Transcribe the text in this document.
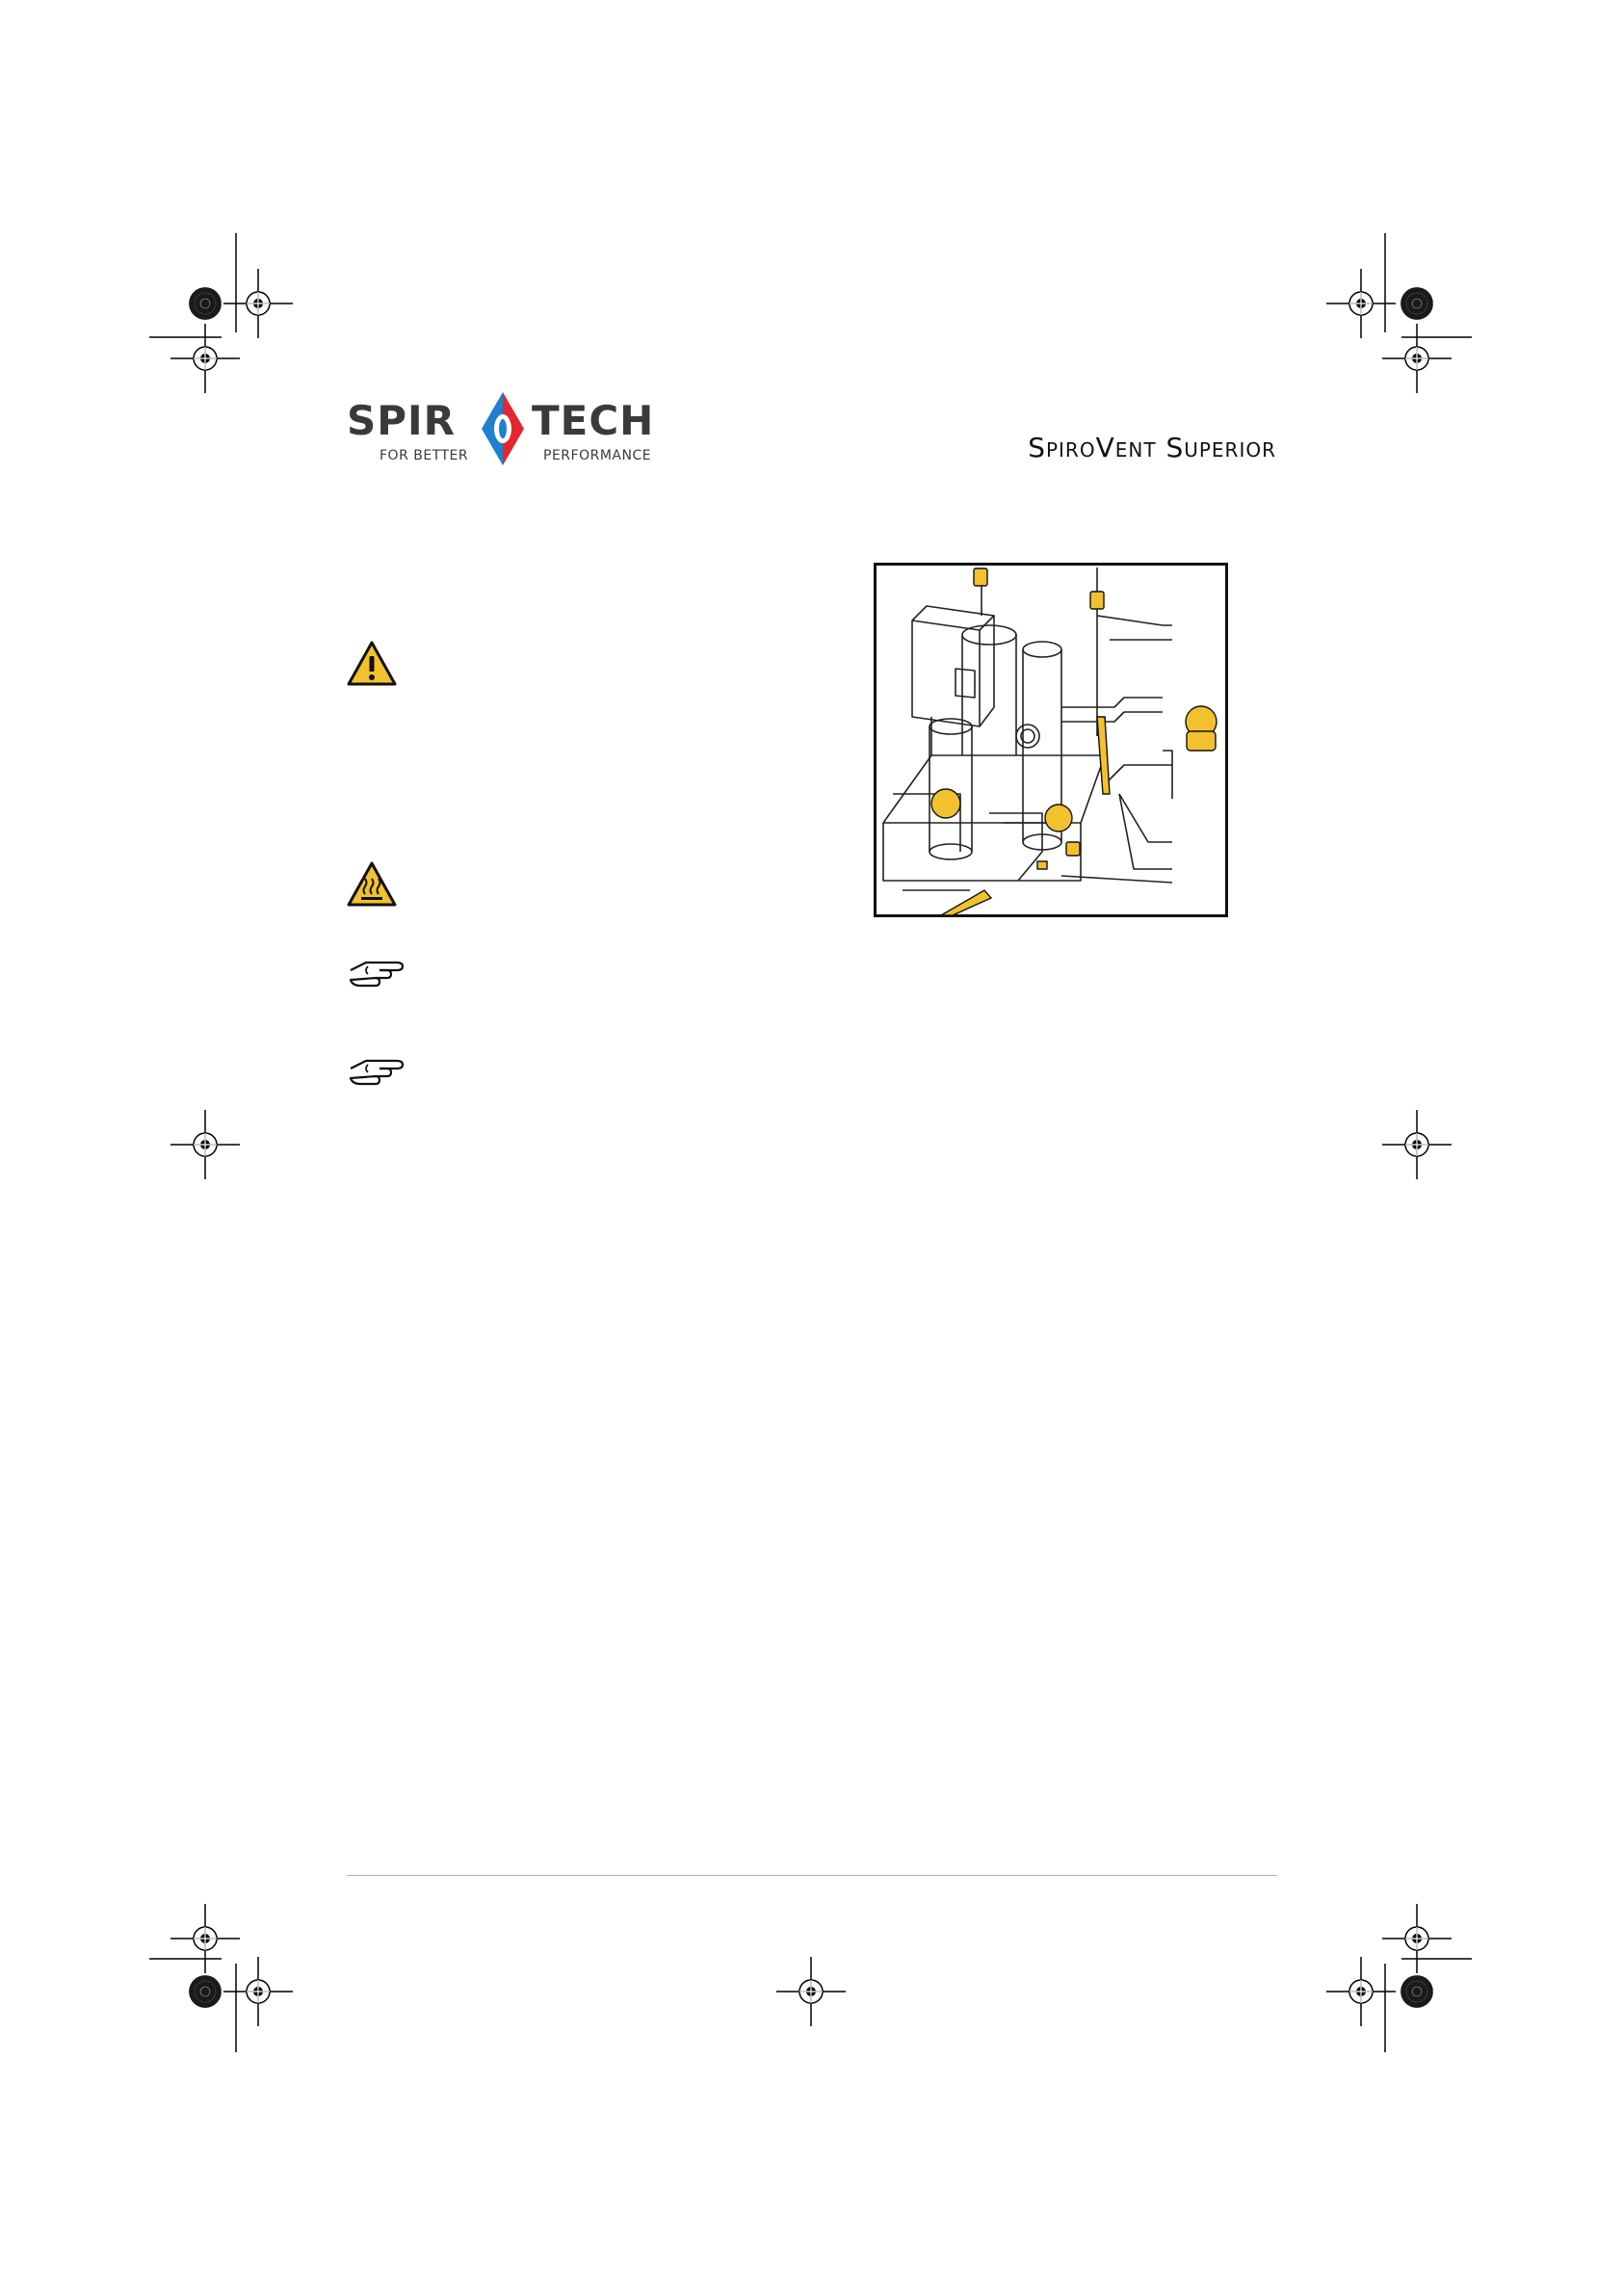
SPIR TECH
FOR BETTER	PERFORMANCE	SpiroVent Superior
